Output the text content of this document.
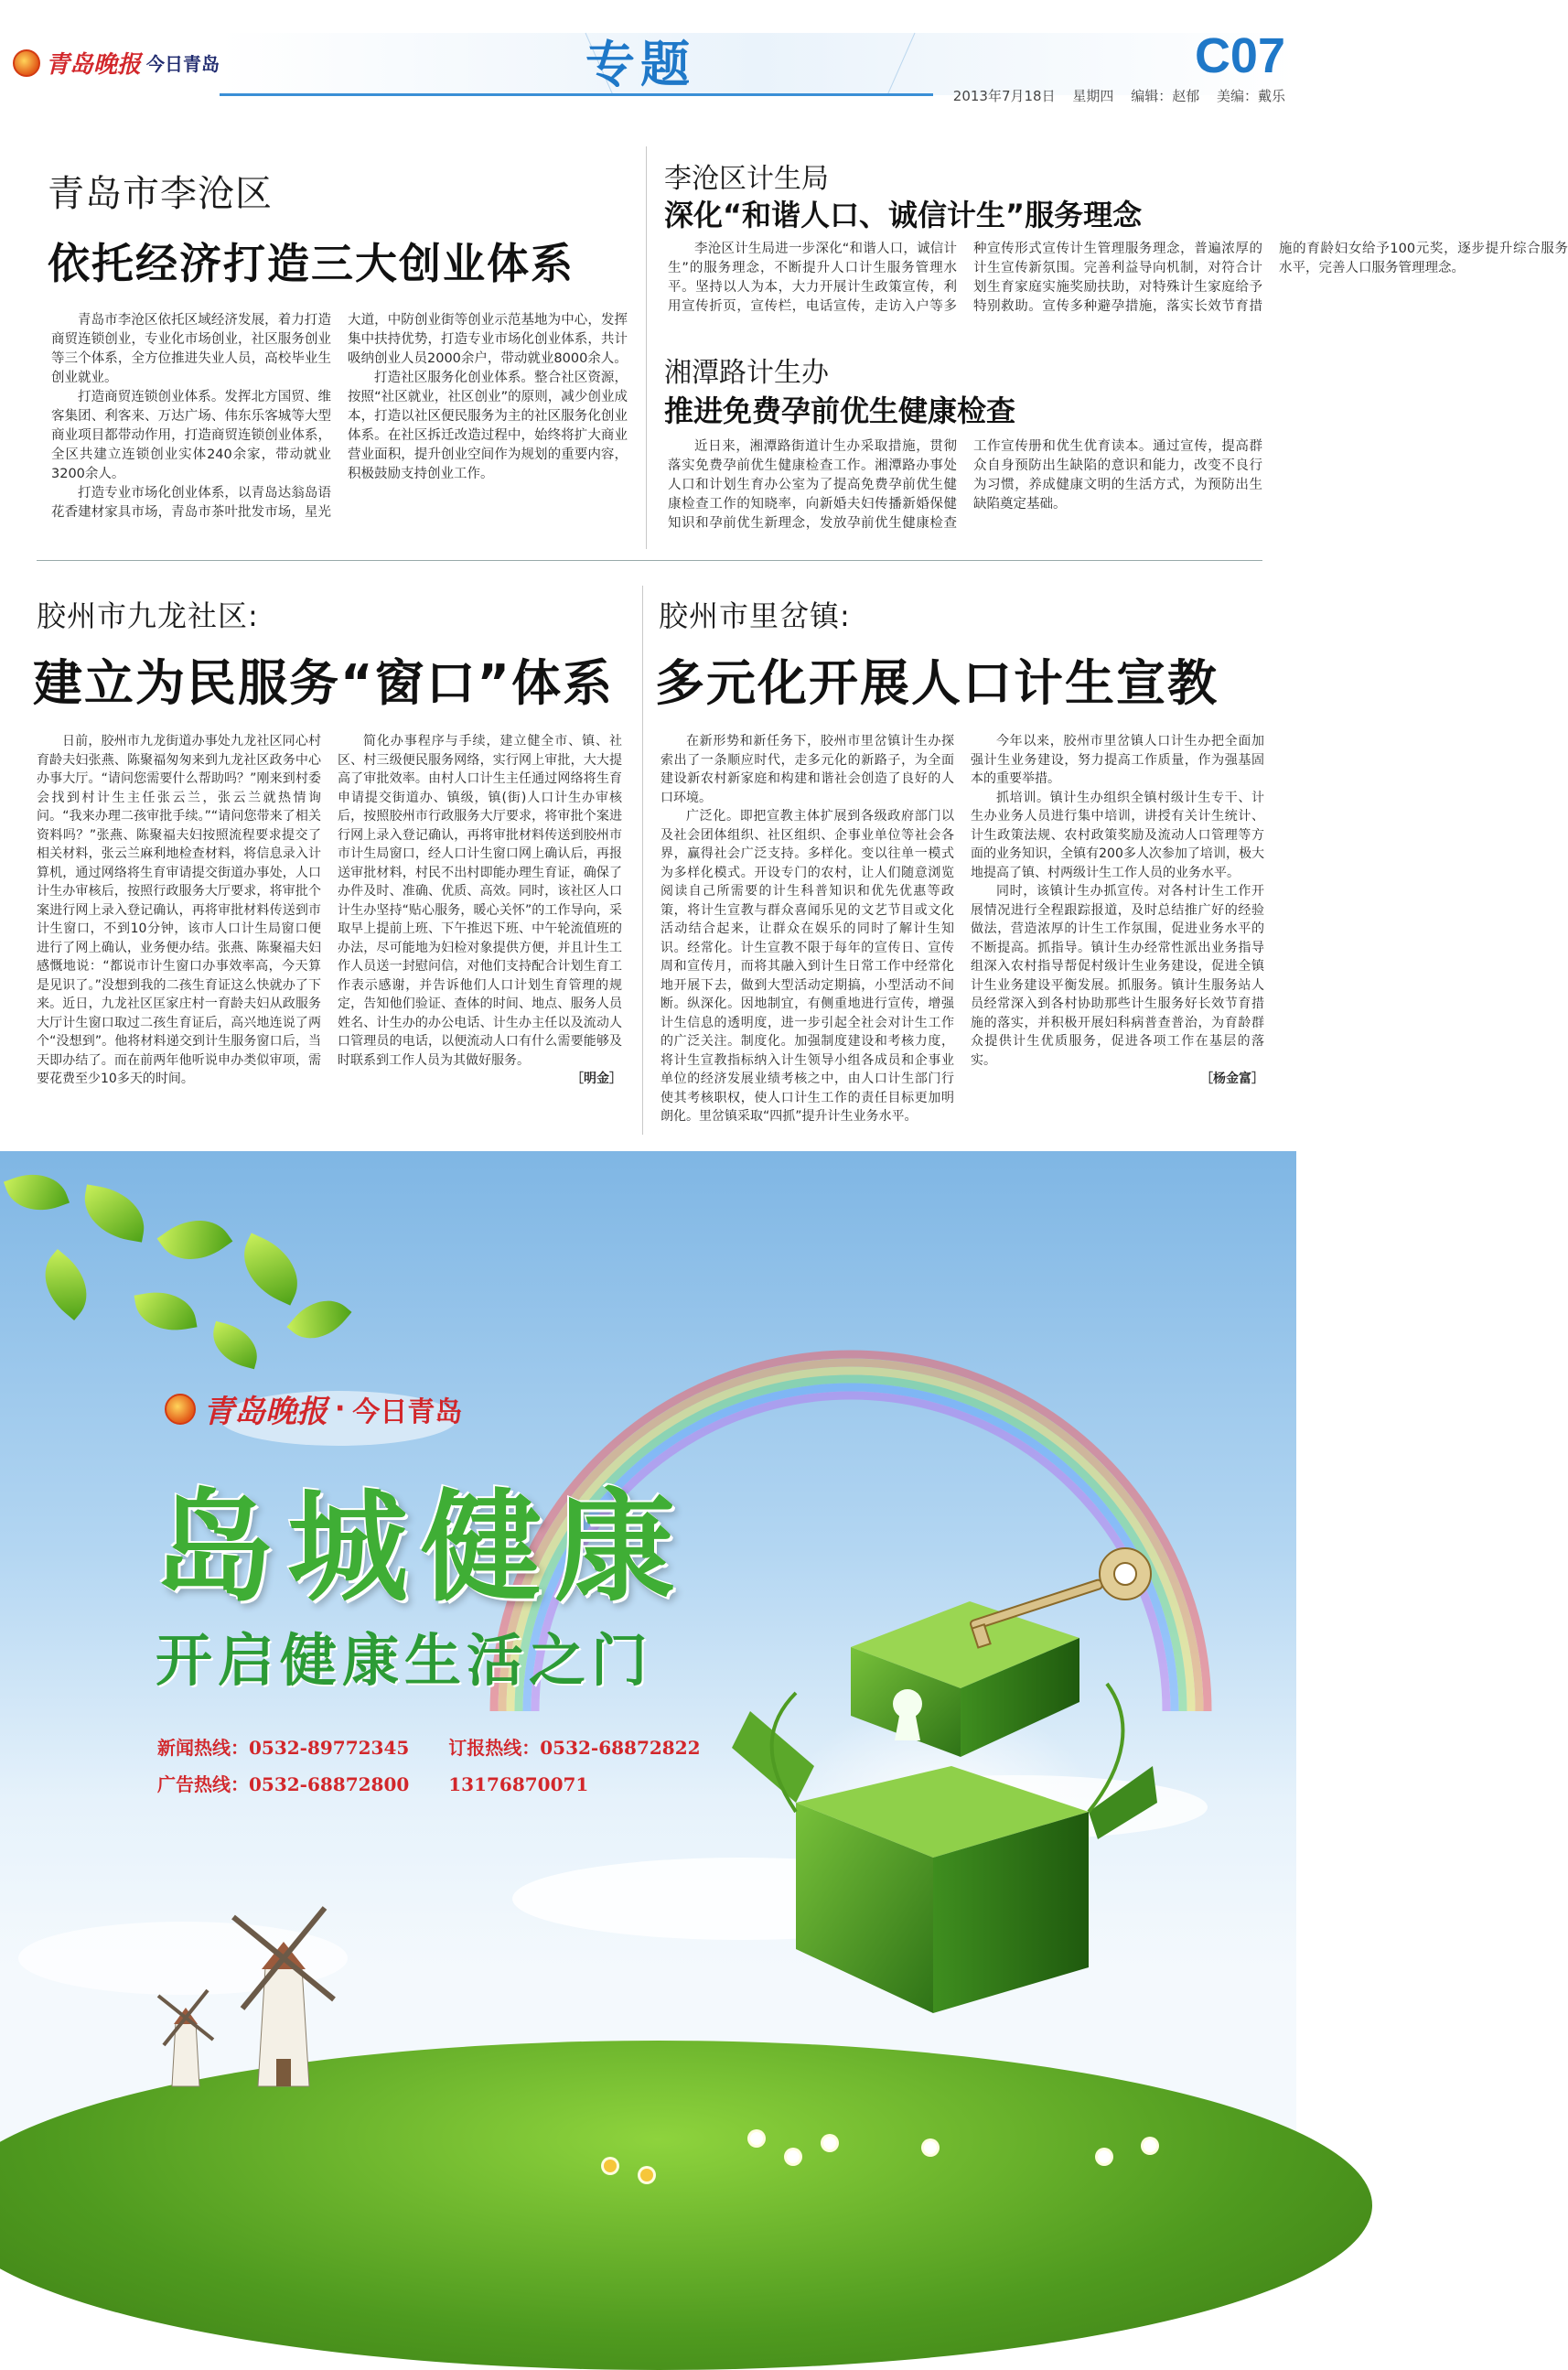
青岛晚报 今日青岛	专题	C07
2013年7月18日 星期四 编辑：赵郁 美编：戴乐
青岛市李沧区
依托经济打造三大创业体系

青岛市李沧区依托区域经济发展，着力打造商贸连锁创业，专业化市场创业，社区服务创业等三个体系，全方位推进失业人员，高校毕业生创业就业。

打造商贸连锁创业体系。发挥北方国贸、维客集团、利客来、万达广场、伟东乐客城等大型商业项目都带动作用，打造商贸连锁创业体系，全区共建立连锁创业实体240余家，带动就业3200余人。

打造专业市场化创业体系，以青岛达翁岛语花香建材家具市场，青岛市茶叶批发市场，星光大道，中防创业街等创业示范基地为中心，发挥集中扶持优势，打造专业市场化创业体系，共计吸纳创业人员2000余户，带动就业8000余人。

打造社区服务化创业体系。整合社区资源，按照“社区就业，社区创业”的原则，减少创业成本，打造以社区便民服务为主的社区服务化创业体系。在社区拆迁改造过程中，始终将扩大商业营业面积，提升创业空间作为规划的重要内容，积极鼓励支持创业工作。

李沧区计生局
深化“和谐人口、诚信计生”服务理念

李沧区计生局进一步深化“和谐人口，诚信计生”的服务理念，不断提升人口计生服务管理水平。坚持以人为本，大力开展计生政策宣传，利用宣传折页，宣传栏，电话宣传，走访入户等多种宣传形式宣传计生管理服务理念，普遍浓厚的计生宣传新氛围。完善利益导向机制，对符合计划生育家庭实施奖励扶助，对特殊计生家庭给予特别救助。宣传多种避孕措施，落实长效节育措施的育龄妇女给予100元奖，逐步提升综合服务水平，完善人口服务管理理念。

湘潭路计生办
推进免费孕前优生健康检查

近日来，湘潭路街道计生办采取措施，贯彻落实免费孕前优生健康检查工作。湘潭路办事处人口和计划生育办公室为了提高免费孕前优生健康检查工作的知晓率，向新婚夫妇传播新婚保健知识和孕前优生新理念，发放孕前优生健康检查工作宣传册和优生优育读本。通过宣传，提高群众自身预防出生缺陷的意识和能力，改变不良行为习惯，养成健康文明的生活方式，为预防出生缺陷奠定基础。

胶州市九龙社区:
建立为民服务“窗口”体系

日前，胶州市九龙街道办事处九龙社区同心村育龄夫妇张燕、陈聚福匆匆来到九龙社区政务中心办事大厅。“请问您需要什么帮助吗？”刚来到村委会找到村计生主任张云兰，张云兰就热情询问。“我来办理二孩审批手续。”“请问您带来了相关资料吗？”张燕、陈聚福夫妇按照流程要求提交了相关材料，张云兰麻利地检查材料，将信息录入计算机，通过网络将生育审请提交街道办事处，人口计生办审核后，按照行政服务大厅要求，将审批个案进行网上录入登记确认，再将审批材料传送到市计生窗口，不到10分钟，该市人口计生局窗口便进行了网上确认，业务便办结。张燕、陈聚福夫妇感慨地说：“都说市计生窗口办事效率高，今天算是见识了。”没想到我的二孩生育证这么快就办了下来。近日，九龙社区匡家庄村一育龄夫妇从政服务大厅计生窗口取过二孩生育证后，高兴地连说了两个“没想到”。他将材料递交到计生服务窗口后，当天即办结了。而在前两年他听说申办类似审项，需要花费至少10多天的时间。

简化办事程序与手续，建立健全市、镇、社区、村三级便民服务网络，实行网上审批，大大提高了审批效率。由村人口计生主任通过网络将生育申请提交街道办、镇级，镇(街)人口计生办审核后，按照胶州市行政服务大厅要求，将审批个案进行网上录入登记确认，再将审批材料传送到胶州市市计生局窗口，经人口计生窗口网上确认后，再报送审批材料，村民不出村即能办理生育证，确保了办件及时、准确、优质、高效。同时，该社区人口计生办坚持“贴心服务，暖心关怀”的工作导向，采取早上提前上班、下午推迟下班、中午轮流值班的办法，尽可能地为妇检对象提供方便，并且计生工作人员送一封慰问信，对他们支持配合计划生育工作表示感谢，并告诉他们人口计划生育管理的规定，告知他们验证、查体的时间、地点、服务人员姓名、计生办的办公电话、计生办主任以及流动人口管理员的电话，以便流动人口有什么需要能够及时联系到工作人员为其做好服务。

［明金］

胶州市里岔镇:
多元化开展人口计生宣教

在新形势和新任务下，胶州市里岔镇计生办探索出了一条顺应时代，走多元化的新路子，为全面建设新农村新家庭和构建和谐社会创造了良好的人口环境。

广泛化。即把宣教主体扩展到各级政府部门以及社会团体组织、社区组织、企事业单位等社会各界，赢得社会广泛支持。多样化。变以往单一模式为多样化模式。开设专门的农村，让人们随意浏览阅读自己所需要的计生科普知识和优先优惠等政策，将计生宣教与群众喜闻乐见的文艺节目或文化活动结合起来，让群众在娱乐的同时了解计生知识。经常化。计生宣教不限于每年的宣传日、宣传周和宣传月，而将其融入到计生日常工作中经常化地开展下去，做到大型活动定期搞，小型活动不间断。纵深化。因地制宜，有侧重地进行宣传，增强计生信息的透明度，进一步引起全社会对计生工作的广泛关注。制度化。加强制度建设和考核力度，将计生宣教指标纳入计生领导小组各成员和企事业单位的经济发展业绩考核之中，由人口计生部门行使其考核职权，使人口计生工作的责任目标更加明朗化。里岔镇采取“四抓”提升计生业务水平。

今年以来，胶州市里岔镇人口计生办把全面加强计生业务建设，努力提高工作质量，作为强基固本的重要举措。

抓培训。镇计生办组织全镇村级计生专干、计生办业务人员进行集中培训，讲授有关计生统计、计生政策法规、农村政策奖励及流动人口管理等方面的业务知识，全镇有200多人次参加了培训，极大地提高了镇、村两级计生工作人员的业务水平。

同时，该镇计生办抓宣传。对各村计生工作开展情况进行全程跟踪报道，及时总结推广好的经验做法，营造浓厚的计生工作氛围，促进业务水平的不断提高。抓指导。镇计生办经常性派出业务指导组深入农村指导帮促村级计生业务建设，促进全镇计生业务建设平衡发展。抓服务。镇计生服务站人员经常深入到各村协助那些计生服务好长效节育措施的落实，并积极开展妇科病普查普治，为育龄群众提供计生优质服务，促进各项工作在基层的落实。

［杨金富］

青岛晚报 · 今日青岛
岛城健康
开启健康生活之门
新闻热线：0532-89772345 订报热线：0532-68872822
广告热线：0532-68872800 13176870071
